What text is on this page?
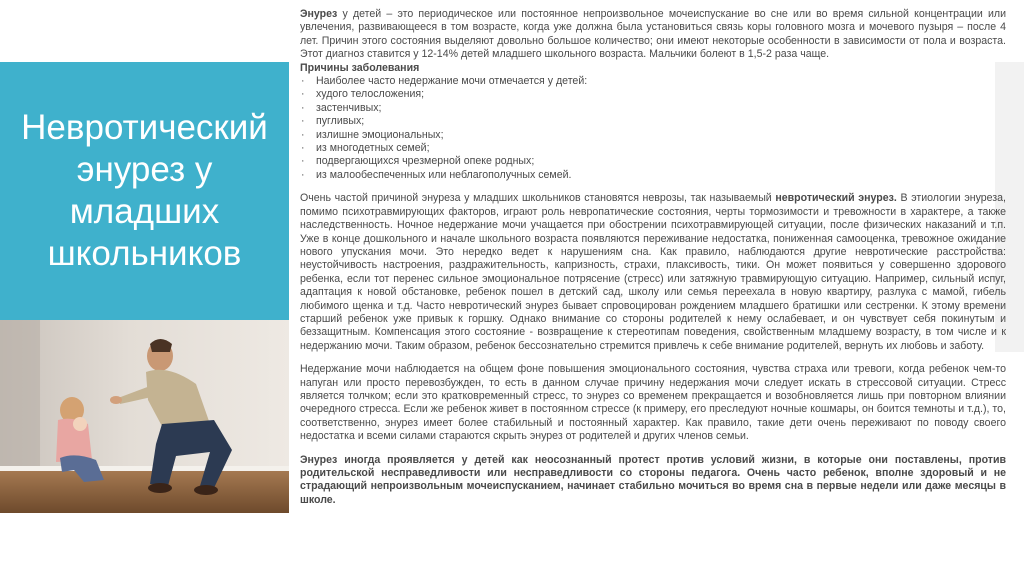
Невротический
энурез у
младших
школьников

Энурез у детей – это периодическое или постоянное непроизвольное мочеиспускание во сне или во время сильной концентрации или увлечения, развивающееся в том возрасте, когда уже должна была установиться связь коры головного мозга и мочевого пузыря – после 4 лет. Причин этого состояния выделяют довольно большое количество; они имеют некоторые особенности в зависимости от пола и возраста. Этот диагноз ставится у 12-14% детей младшего школьного возраста. Мальчики болеют в 1,5-2 раза чаще.

Причины заболевания

· Наиболее часто недержание мочи отмечается у детей:
· худого телосложения;
· застенчивых;
· пугливых;
· излишне эмоциональных;
· из многодетных семей;
· подвергающихся чрезмерной опеке родных;
· из малообеспеченных или неблагополучных семей.

Очень частой причиной энуреза у младших школьников становятся неврозы, так называемый невротический энурез. В этиологии энуреза, помимо психотравмирующих факторов, играют роль невропатические состояния, черты тормозимости и тревожности в характере, а также наследственность. Ночное недержание мочи учащается при обострении психотравмирующей ситуации, после физических наказаний и т.п. Уже в конце дошкольного и начале школьного возраста появляются переживание недостатка, пониженная самооценка, тревожное ожидание нового упускания мочи. Это нередко ведет к нарушениям сна. Как правило, наблюдаются другие невротические расстройства: неустойчивость настроения, раздражительность, капризность, страхи, плаксивость, тики. Он может появиться у совершенно здорового ребенка, если тот перенес сильное эмоциональное потрясение (стресс) или затяжную травмирующую ситуацию. Например, сильный испуг, адаптация к новой обстановке, ребенок пошел в детский сад, школу или семья переехала в новую квартиру, разлука с мамой, гибель любимого щенка и т.д. Часто невротический энурез бывает спровоцирован рождением младшего братишки или сестренки. К этому времени старший ребенок уже привык к горшку. Однако внимание со стороны родителей к нему ослабевает, и он чувствует себя покинутым и беззащитным. Компенсация этого состояние - возвращение к стереотипам поведения, свойственным младшему возрасту, в том числе и к недержанию мочи. Таким образом, ребенок бессознательно стремится привлечь к себе внимание родителей, вернуть их любовь и заботу.

Недержание мочи наблюдается на общем фоне повышения эмоционального состояния, чувства страха или тревоги, когда ребенок чем-то напуган или просто перевозбужден, то есть в данном случае причину недержания мочи следует искать в стрессовой ситуации. Стресс является толчком; если это кратковременный стресс, то энурез со временем прекращается и возобновляется лишь при повторном влиянии очередного стресса. Если же ребенок живет в постоянном стрессе (к примеру, его преследуют ночные кошмары, он боится темноты и т.д.), то, соответственно, энурез имеет более стабильный и постоянный характер. Как правило, такие дети очень переживают по поводу своего недостатка и всеми силами стараются скрыть энурез от родителей и других членов семьи.

Энурез иногда проявляется у детей как неосознанный протест против условий жизни, в которые они поставлены, против родительской несправедливости или несправедливости со стороны педагога. Очень часто ребенок, вполне здоровый и не страдающий непроизвольным мочеиспусканием, начинает стабильно мочиться во время сна в первые недели или даже месяцы в школе.
